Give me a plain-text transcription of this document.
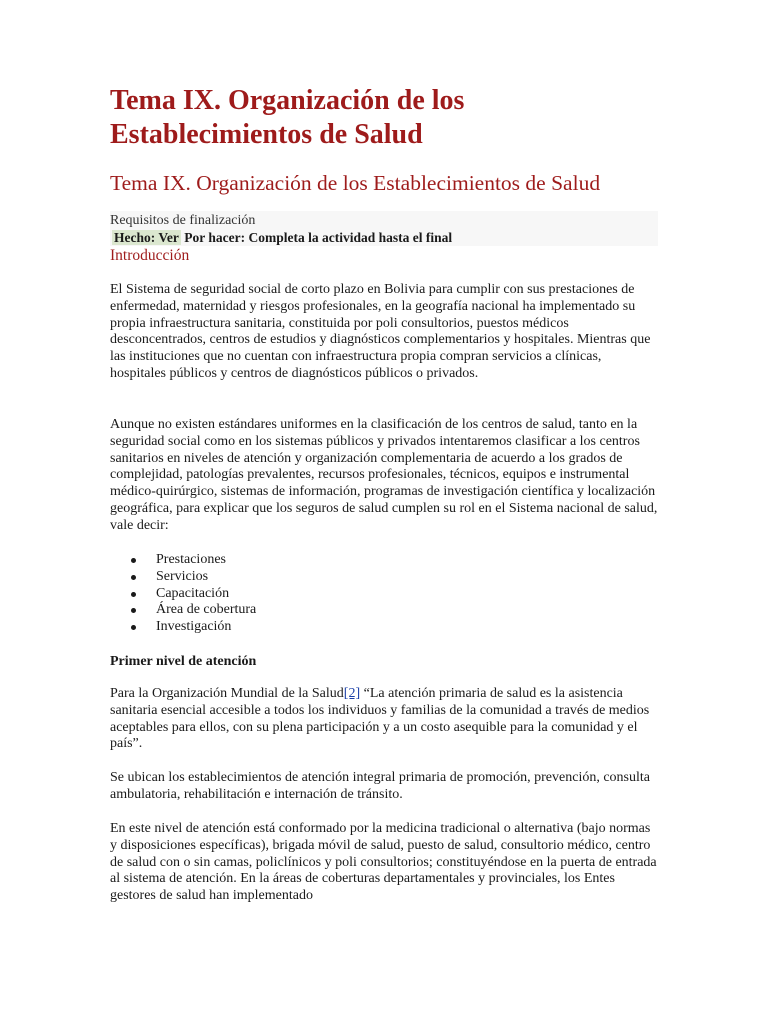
Tema IX. Organización de los Establecimientos de Salud
Tema IX. Organización de los Establecimientos de Salud
Requisitos de finalización
Hecho: Ver Por hacer: Completa la actividad hasta el final
Introducción

El Sistema de seguridad social de corto plazo en Bolivia para cumplir con sus prestaciones de enfermedad, maternidad y riesgos profesionales, en la geografía nacional ha implementado su propia infraestructura sanitaria, constituida por poli consultorios, puestos médicos desconcentrados, centros de estudios y diagnósticos complementarios y hospitales. Mientras que las instituciones que no cuentan con infraestructura propia compran servicios a clínicas, hospitales públicos y centros de diagnósticos públicos o privados.

Aunque no existen estándares uniformes en la clasificación de los centros de salud, tanto en la seguridad social como en los sistemas públicos y privados intentaremos clasificar a los centros sanitarios en niveles de atención y organización complementaria de acuerdo a los grados de complejidad, patologías prevalentes, recursos profesionales, técnicos, equipos e instrumental médico-quirúrgico, sistemas de información, programas de investigación científica y localización geográfica, para explicar que los seguros de salud cumplen su rol en el Sistema nacional de salud, vale decir:

Prestaciones
Servicios
Capacitación
Área de cobertura
Investigación
Primer nivel de atención

Para la Organización Mundial de la Salud[2] “La atención primaria de salud es la asistencia sanitaria esencial accesible a todos los individuos y familias de la comunidad a través de medios aceptables para ellos, con su plena participación y a un costo asequible para la comunidad y el país”.

Se ubican los establecimientos de atención integral primaria de promoción, prevención, consulta ambulatoria, rehabilitación e internación de tránsito.

En este nivel de atención está conformado por la medicina tradicional o alternativa (bajo normas y disposiciones específicas), brigada móvil de salud, puesto de salud, consultorio médico, centro de salud con o sin camas, policlínicos y poli consultorios; constituyéndose en la puerta de entrada al sistema de atención. En la áreas de coberturas departamentales y provinciales, los Entes gestores de salud han implementado
